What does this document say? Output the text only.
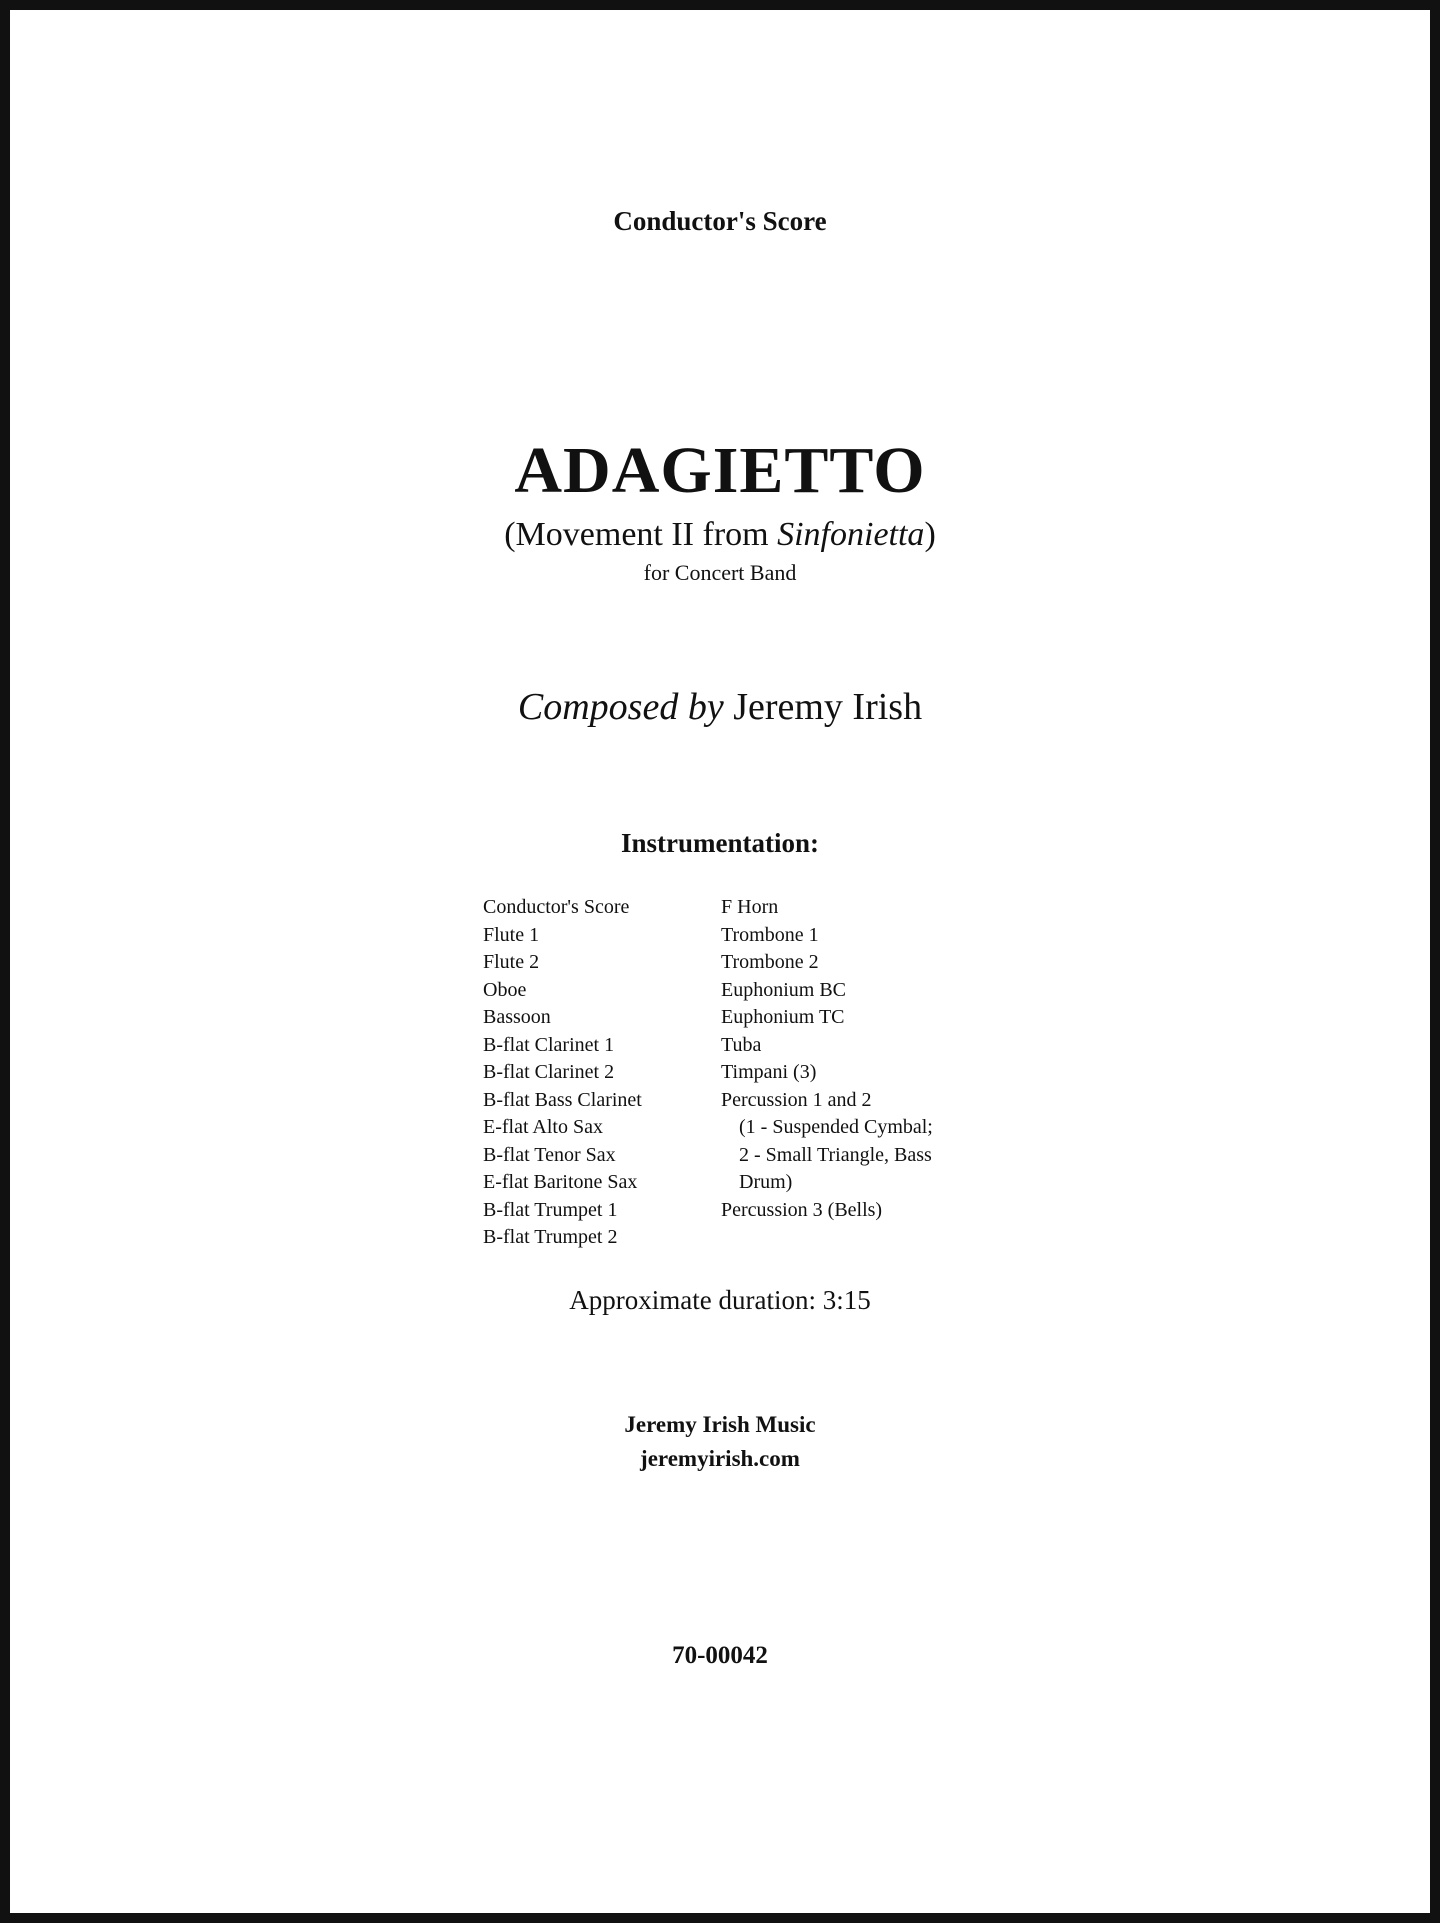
Conductor's Score
ADAGIETTO
(Movement II from Sinfonietta)
for Concert Band
Composed by Jeremy Irish
Instrumentation:
Conductor's Score
Flute 1
Flute 2
Oboe
Bassoon
B-flat Clarinet 1
B-flat Clarinet 2
B-flat Bass Clarinet
E-flat Alto Sax
B-flat Tenor Sax
E-flat Baritone Sax
B-flat Trumpet 1
B-flat Trumpet 2
F Horn
Trombone 1
Trombone 2
Euphonium BC
Euphonium TC
Tuba
Timpani (3)
Percussion 1 and 2
(1 - Suspended Cymbal;
2 - Small Triangle, Bass
Drum)
Percussion 3 (Bells)
Approximate duration: 3:15
Jeremy Irish Music
jeremyirish.com
70-00042
